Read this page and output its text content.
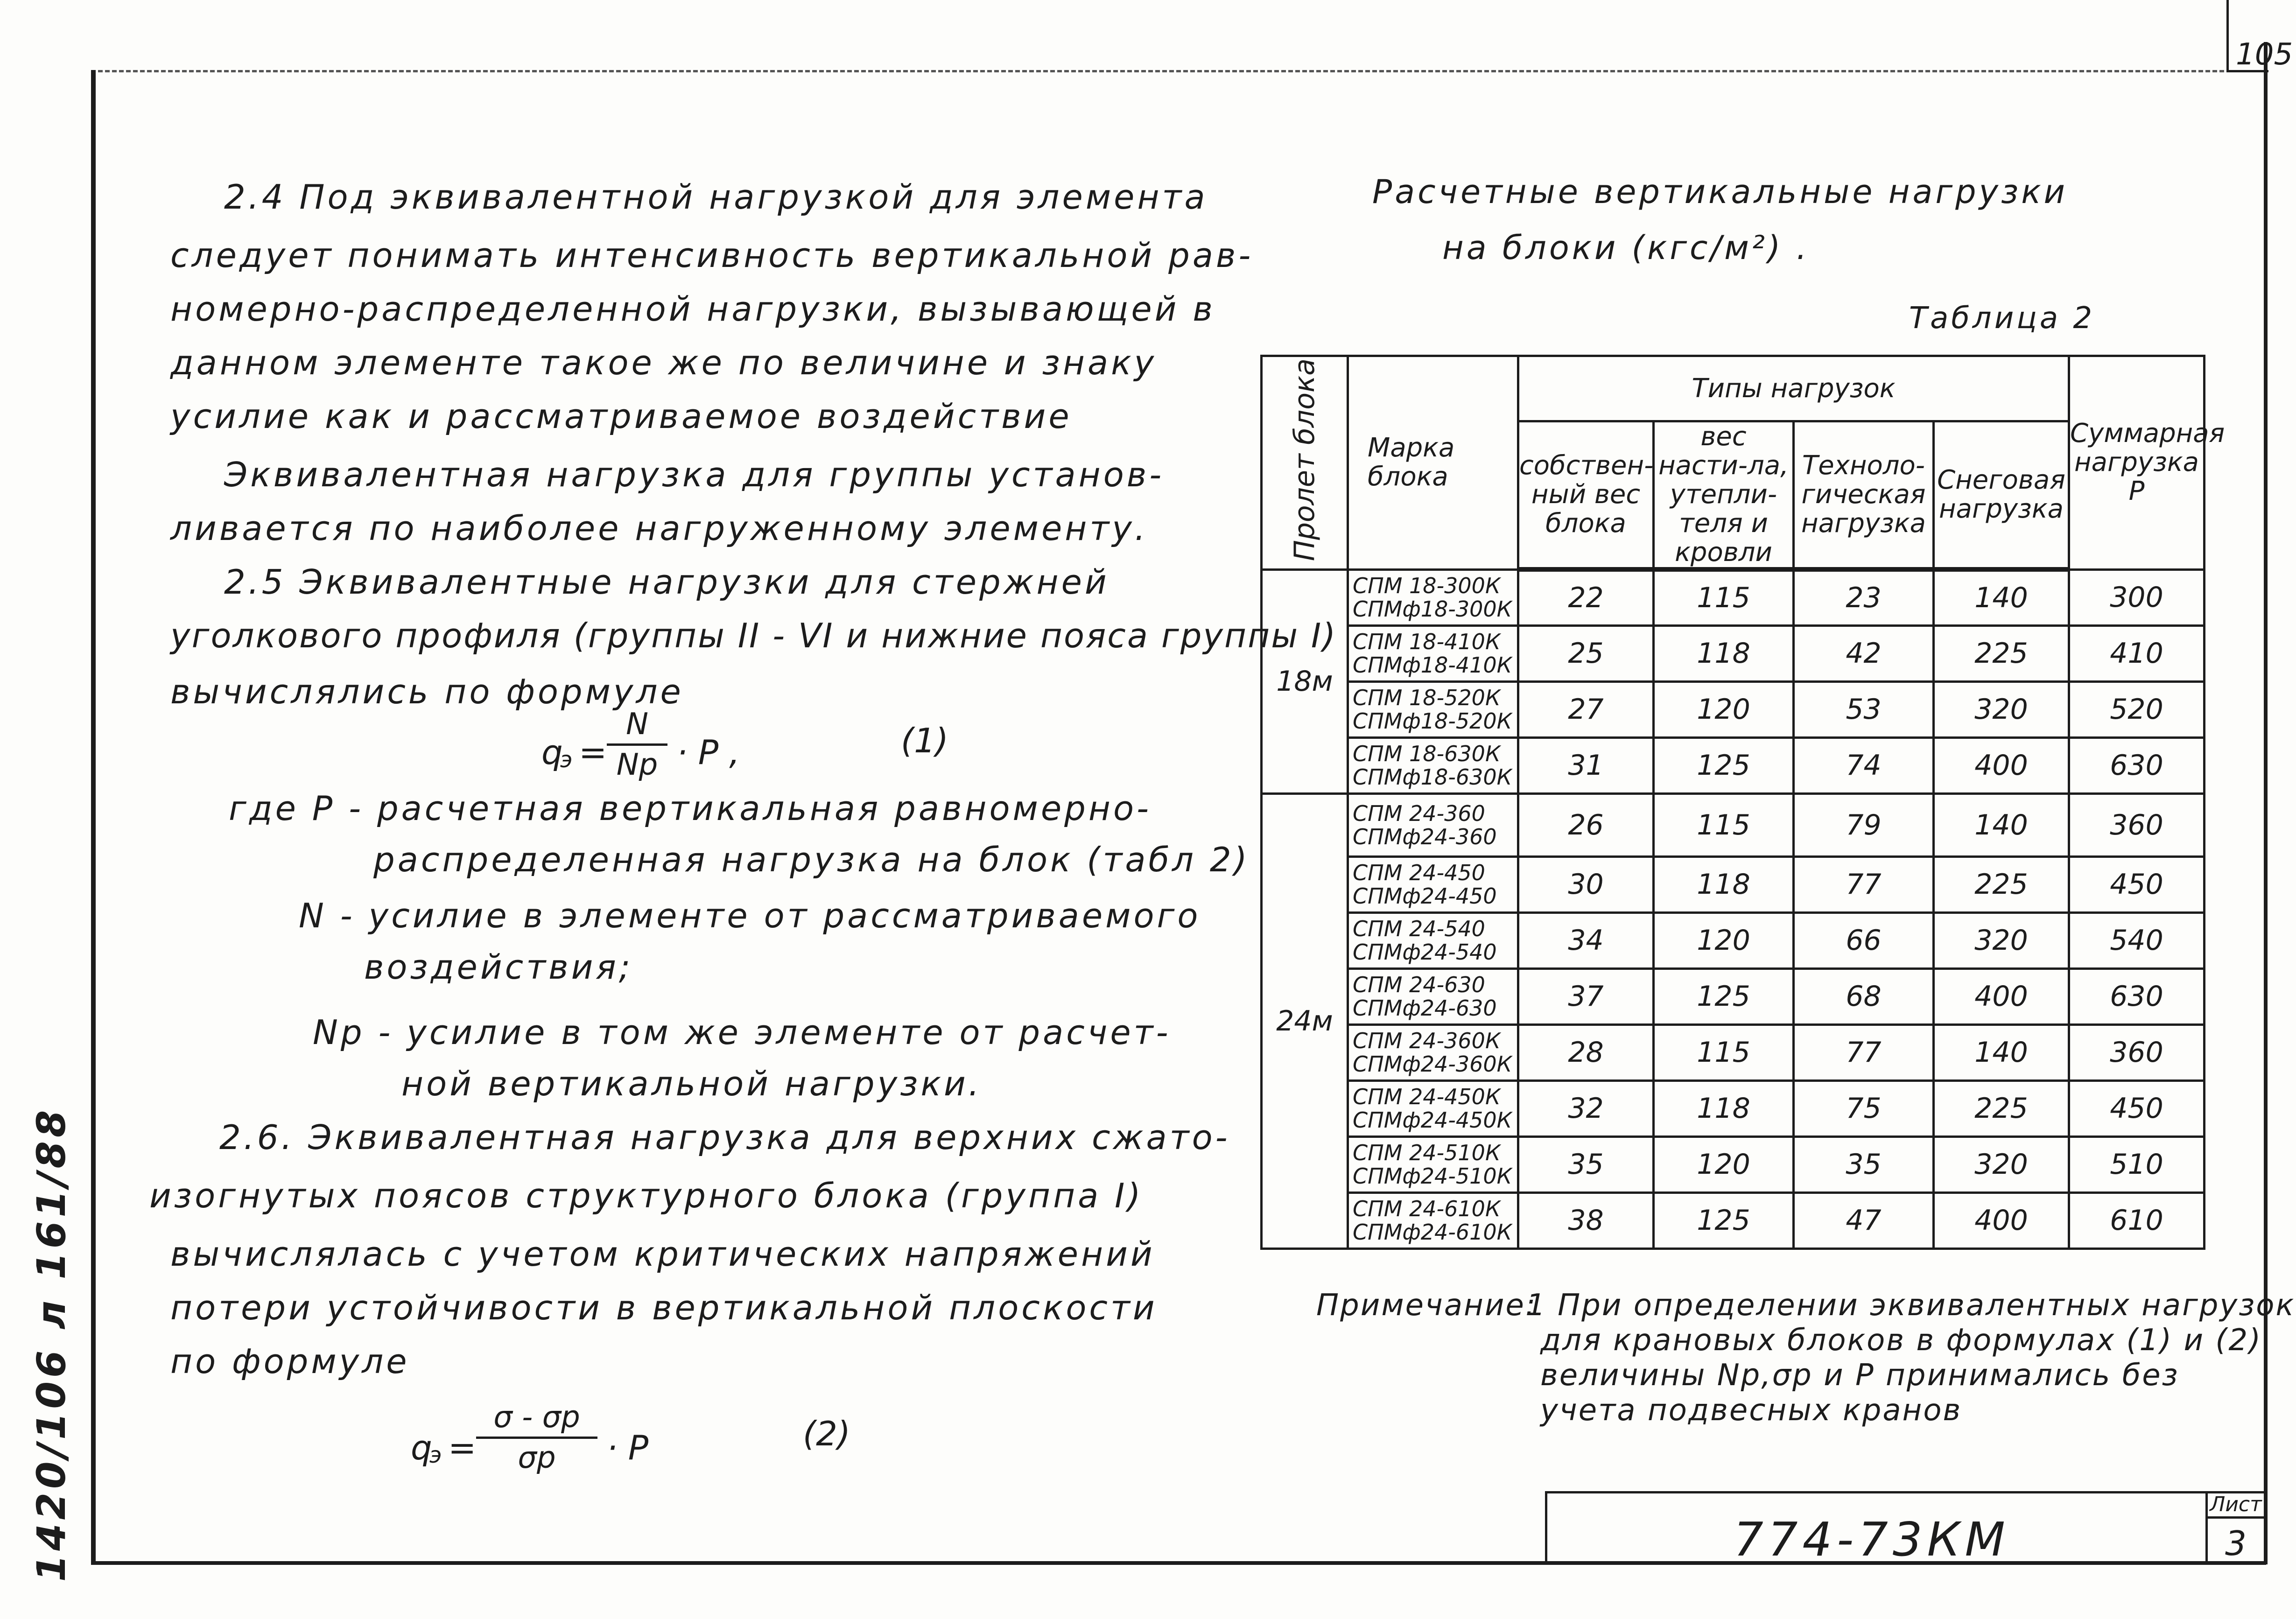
105
2.4 Под эквивалентной нагрузкой для элемента
следует понимать интенсивность вертикальной рав-
номерно-распределенной нагрузки, вызывающей в
данном элементе такое же по величине и знаку
усилие как и рассматриваемое воздействие
Эквивалентная нагрузка для группы установ-
ливается по наиболее нагруженному элементу.
2.5 Эквивалентные нагрузки для стержней
уголкового профиля (группы II - VI и нижние пояса группы I)
вычислялись по формуле
q
$э = \frac{N}{Np} \cdot P$ ,	(1)
где P - расчетная вертикальная равномерно-
распределенная нагрузка на блок (табл 2)
N - усилие в элементе от рассматриваемого
воздействия;
Np - усилие в том же элементе от расчет-
ной вертикальной нагрузки.
2.6. Эквивалентная нагрузка для верхних сжато-
изогнутых поясов структурного блока (группа I)
вычислялась с учетом критических напряжений
потери устойчивости в вертикальной плоскости
по формуле
q
$э = \frac{\sigma - \sigma p}{\sigma p} \cdot P$	(2)
Расчетные вертикальные нагрузки
на блоки (кгс/м²) .
Таблица 2
Пролет блока	Марка блока	Типы нагрузок				Суммарная нагрузка P
		собствен-ный вес блока	вес насти-ла, утепли-теля и кровли	Техноло-гическая нагрузка	Снеговая нагрузка	
18м	СПМ 18-300К
СПМф18-300К	22	115	23	140	300

	СПМ 18-410К
СПМф18-410К	25	118	42	225	410

	СПМ 18-520К
СПМф18-520К	27	120	53	320	520

	СПМ 18-630К
СПМф18-630К	31	125	74	400	630
24м	СПМ 24-360
СПМф24-360	26	115	79	140	360

	СПМ 24-450
СПМф24-450	30	118	77	225	450

	СПМ 24-540
СПМф24-540	34	120	66	320	540

	СПМ 24-630
СПМф24-630	37	125	68	400	630

	СПМ 24-360К
СПМф24-360К	28	115	77	140	360

	СПМ 24-450К
СПМф24-450К	32	118	75	225	450

	СПМ 24-510К
СПМф24-510К	35	120	35	320	510

	СПМ 24-610К
СПМф24-610К	38	125	47	400	610
Примечание:
1 При определении эквивалентных нагрузок
для крановых блоков в формулах (1) и (2)
величины Np,σp и P принимались без
учета подвесных кранов
774-73КМ
Лист
3
1420/106 л 161/88
